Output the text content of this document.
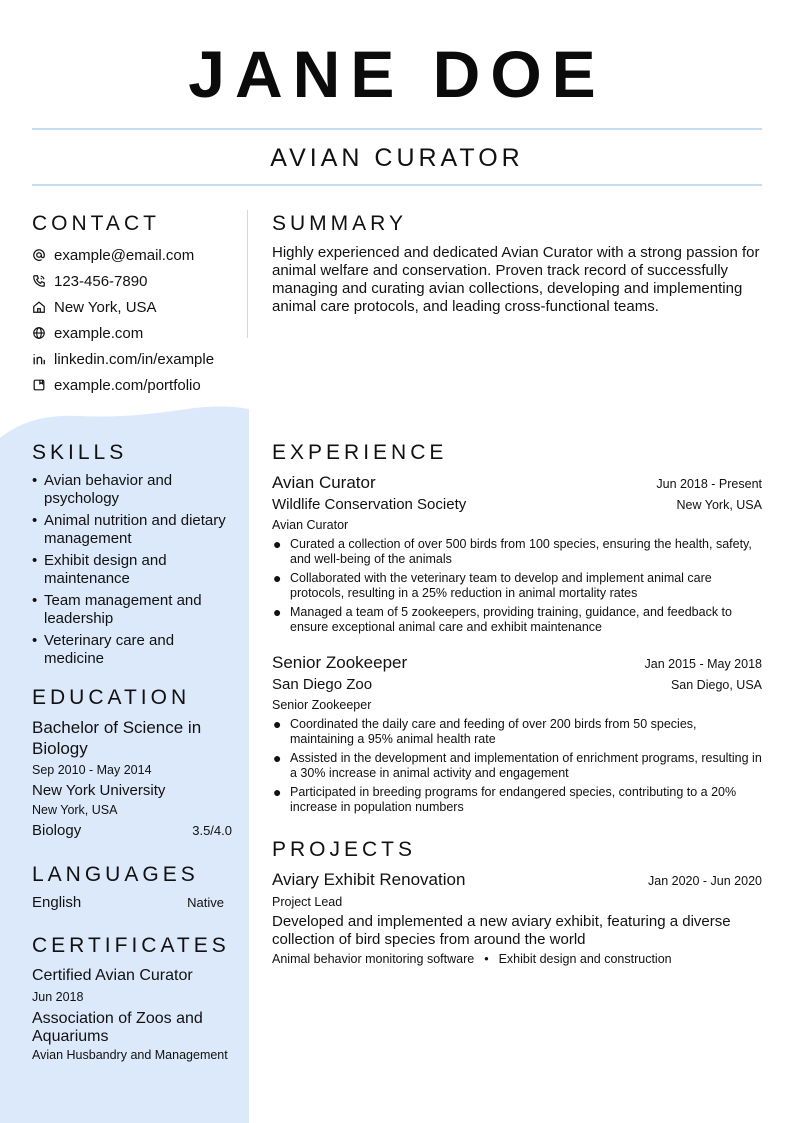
JANE DOE
AVIAN CURATOR
CONTACT
example@email.com
123-456-7890
New York, USA
example.com
linkedin.com/in/example
example.com/portfolio
SKILLS
• Avian behavior and psychology
• Animal nutrition and dietary management
• Exhibit design and maintenance
• Team management and leadership
• Veterinary care and medicine
EDUCATION
Bachelor of Science in Biology
Sep 2010 - May 2014
New York University
New York, USA
Biology	3.5/4.0
LANGUAGES
English	Native
CERTIFICATES
Certified Avian Curator
Jun 2018
Association of Zoos and Aquariums
Avian Husbandry and Management
SUMMARY
Highly experienced and dedicated Avian Curator with a strong passion for animal welfare and conservation. Proven track record of successfully managing and curating avian collections, developing and implementing animal care protocols, and leading cross-functional teams.
EXPERIENCE
Avian Curator	Jun 2018 - Present
Wildlife Conservation Society	New York, USA
Avian Curator
● Curated a collection of over 500 birds from 100 species, ensuring the health, safety, and well-being of the animals
● Collaborated with the veterinary team to develop and implement animal care protocols, resulting in a 25% reduction in animal mortality rates
● Managed a team of 5 zookeepers, providing training, guidance, and feedback to ensure exceptional animal care and exhibit maintenance
Senior Zookeeper	Jan 2015 - May 2018
San Diego Zoo	San Diego, USA
Senior Zookeeper
● Coordinated the daily care and feeding of over 200 birds from 50 species, maintaining a 95% animal health rate
● Assisted in the development and implementation of enrichment programs, resulting in a 30% increase in animal activity and engagement
● Participated in breeding programs for endangered species, contributing to a 20% increase in population numbers
PROJECTS
Aviary Exhibit Renovation	Jan 2020 - Jun 2020
Project Lead
Developed and implemented a new aviary exhibit, featuring a diverse collection of bird species from around the world
Animal behavior monitoring software • Exhibit design and construction
